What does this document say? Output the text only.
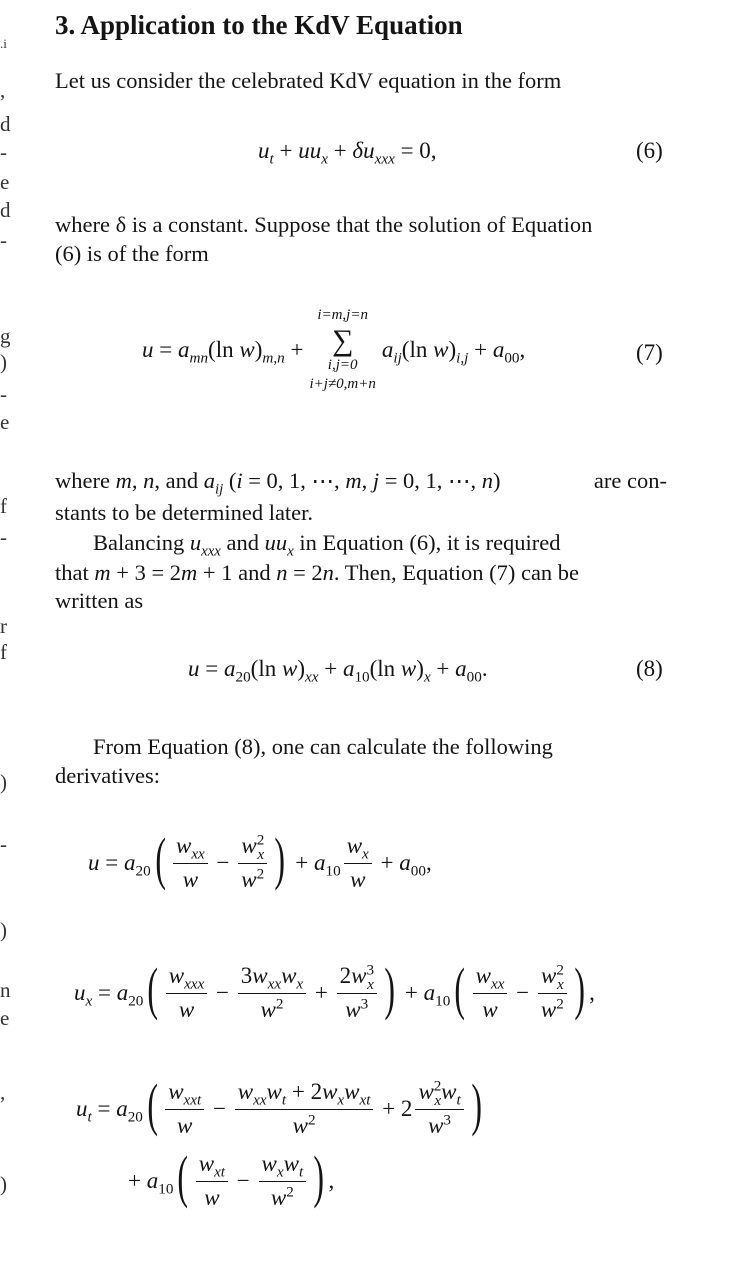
.i
,
d
-
e
d
-
g
)
-
e
f
-
r
f
)
-
)
n
e
,
)
3. Application to the KdV Equation
Let us consider the celebrated KdV equation in the form
$u_t + uu_x + \delta u_{xxx} = 0$,	(6)
where δ is a constant. Suppose that the solution of Equation
(6) is of the form
$u = a_{mn}(\ln$ $w)_{m,n}$ +
i=m,j=n
∑
i,j=0
i+j≠0,m+n
$a_{ij}(\ln$ $w)_{i,j} + a_{00}$,	(7)
where m, n, and $a_{ij}$ (i = 0, 1, ⋯, m, j = 0, 1, ⋯, n)	are con-
stants to be determined later.
Balancing $u_{xxx}$ and $uu_x$ in Equation (6), it is required
that m + 3 = 2m + 1 and n = 2n. Then, Equation (7) can be
written as
$u = a_{20}(\ln$ $w)_{xx} + a_{10}(\ln$ $w)_x + a_{00}$.	(8)
From Equation (8), one can calculate the following
derivatives:
$u = a_{20}$ ( $\frac{w_{xx}}{w} - \frac{w^2_x}{w^2}$ ) + $a_{10} \frac{w_x}{w} + a_{00}$,
$u_x = a_{20}$ ( $\frac{w_{xxx}}{w} - \frac{3w_{xx}w_x}{w^2} + \frac{2w^3_x}{w^3}$ ) + $a_{10}$ ( $\frac{w_{xx}}{w} - \frac{w^2_x}{w^2}$ ) ,
$u_t = a_{20}$ ( $\frac{w_{xxt}}{w} - \frac{w_{xx}w_t + 2w_xw_{xt}}{w^2} + 2 \frac{w^2_xw_t}{w^3}$ )
+ $a_{10}$ ( $\frac{w_{xt}}{w} - \frac{w_xw_t}{w^2}$ ) ,
